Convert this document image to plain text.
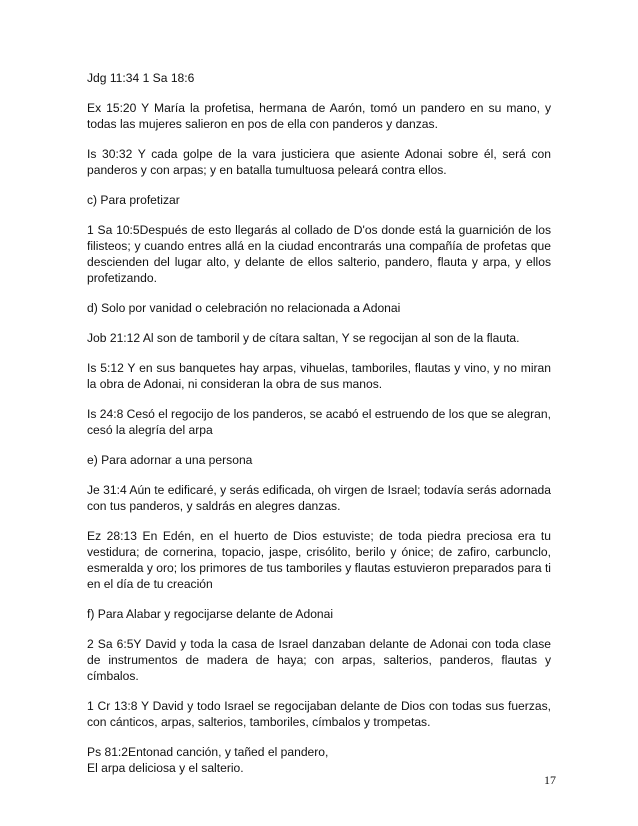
Jdg 11:34 1 Sa 18:6

Ex 15:20 Y María la profetisa, hermana de Aarón, tomó un pandero en su mano, y todas las mujeres salieron en pos de ella con panderos y danzas.

Is 30:32 Y cada golpe de la vara justiciera que asiente Adonai sobre él, será con panderos y con arpas; y en batalla tumultuosa peleará contra ellos.

c) Para profetizar

1 Sa 10:5Después de esto llegarás al collado de D'os donde está la guarnición de los filisteos; y cuando entres allá en la ciudad encontrarás una compañía de profetas que descienden del lugar alto, y delante de ellos salterio, pandero, flauta y arpa, y ellos profetizando.

d) Solo por vanidad o celebración no relacionada a Adonai

Job 21:12 Al son de tamboril y de cítara saltan, Y se regocijan al son de la flauta.

Is 5:12 Y en sus banquetes hay arpas, vihuelas, tamboriles, flautas y vino, y no miran la obra de Adonai, ni consideran la obra de sus manos.

Is 24:8 Cesó el regocijo de los panderos, se acabó el estruendo de los que se alegran, cesó la alegría del arpa

e) Para adornar a una persona

Je 31:4 Aún te edificaré, y serás edificada, oh virgen de Israel; todavía serás adornada con tus panderos, y saldrás en alegres danzas.

Ez 28:13 En Edén, en el huerto de Dios estuviste; de toda piedra preciosa era tu vestidura; de cornerina, topacio, jaspe, crisólito, berilo y ónice; de zafiro, carbunclo, esmeralda y oro; los primores de tus tamboriles y flautas estuvieron preparados para ti en el día de tu creación

f) Para Alabar y regocijarse delante de Adonai

2 Sa 6:5Y David y toda la casa de Israel danzaban delante de Adonai con toda clase de instrumentos de madera de haya; con arpas, salterios, panderos, flautas y címbalos.

1 Cr 13:8 Y David y todo Israel se regocijaban delante de Dios con todas sus fuerzas, con cánticos, arpas, salterios, tamboriles, címbalos y trompetas.

Ps 81:2Entonad canción, y tañed el pandero,
El arpa deliciosa y el salterio.

17
